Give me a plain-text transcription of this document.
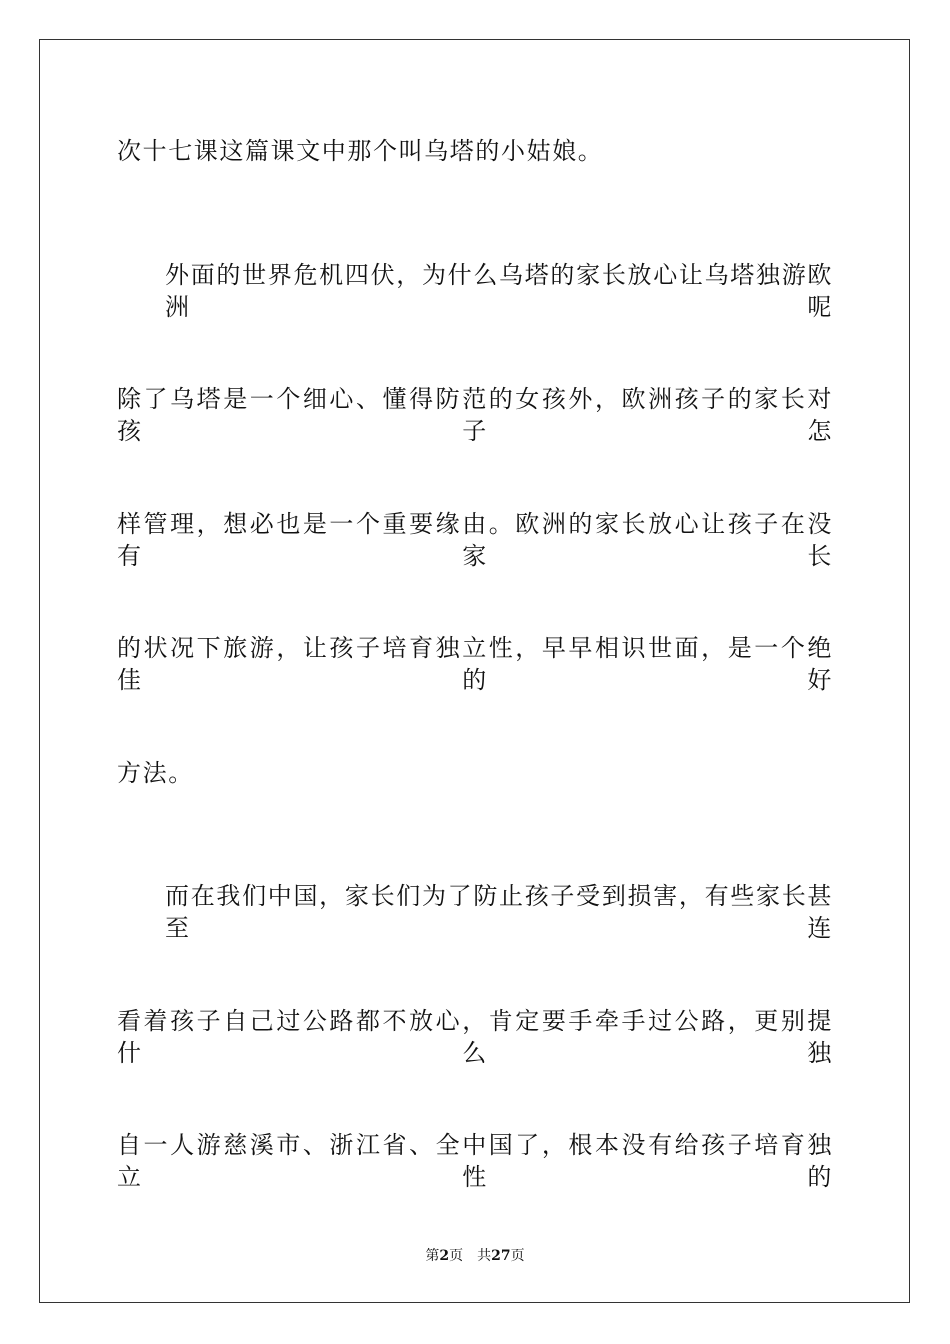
次十七课这篇课文中那个叫乌塔的小姑娘。
外面的世界危机四伏，为什么乌塔的家长放心让乌塔独游欧洲呢
除了乌塔是一个细心、懂得防范的女孩外，欧洲孩子的家长对孩子怎
样管理，想必也是一个重要缘由。欧洲的家长放心让孩子在没有家长
的状况下旅游，让孩子培育独立性，早早相识世面，是一个绝佳的好
方法。
而在我们中国，家长们为了防止孩子受到损害，有些家长甚至连
看着孩子自己过公路都不放心，肯定要手牵手过公路，更别提什么独
自一人游慈溪市、浙江省、全中国了，根本没有给孩子培育独立性的
第2页 共27页
